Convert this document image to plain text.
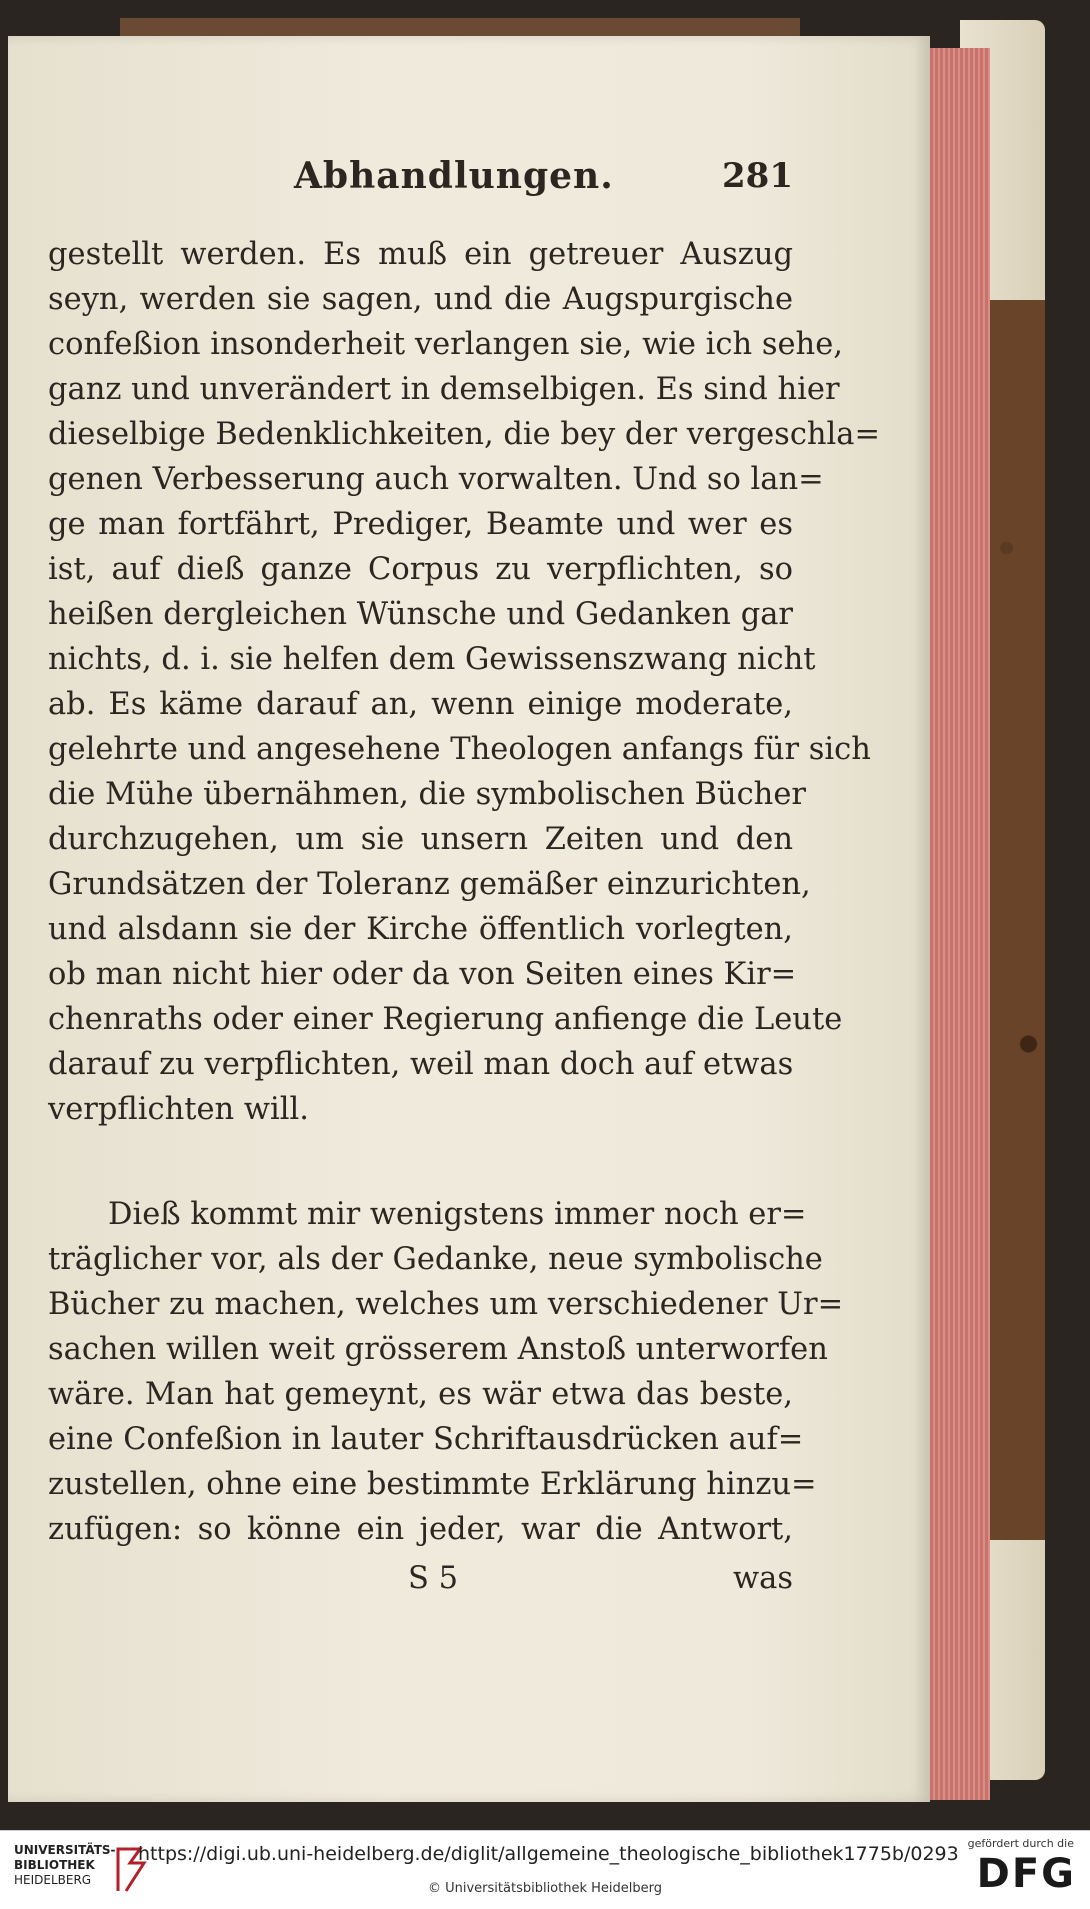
Abhandlungen.	281
gestellt werden. Es muß ein getreuer Auszug
seyn, werden sie sagen, und die Augspurgische
confeßion insonderheit verlangen sie, wie ich sehe,
ganz und unverändert in demselbigen. Es sind hier
dieselbige Bedenklichkeiten, die bey der vergeschla=
genen Verbesserung auch vorwalten. Und so lan=
ge man fortfährt, Prediger, Beamte und wer es
ist, auf dieß ganze Corpus zu verpflichten, so
heißen dergleichen Wünsche und Gedanken gar
nichts, d. i. sie helfen dem Gewissenszwang nicht
ab. Es käme darauf an, wenn einige moderate,
gelehrte und angesehene Theologen anfangs für sich
die Mühe übernähmen, die symbolischen Bücher
durchzugehen, um sie unsern Zeiten und den
Grundsätzen der Toleranz gemäßer einzurichten,
und alsdann sie der Kirche öffentlich vorlegten,
ob man nicht hier oder da von Seiten eines Kir=
chenraths oder einer Regierung anfienge die Leute
darauf zu verpflichten, weil man doch auf etwas
verpflichten will.
Dieß kommt mir wenigstens immer noch er=
träglicher vor, als der Gedanke, neue symbolische
Bücher zu machen, welches um verschiedener Ur=
sachen willen weit grösserem Anstoß unterworfen
wäre. Man hat gemeynt, es wär etwa das beste,
eine Confeßion in lauter Schriftausdrücken auf=
zustellen, ohne eine bestimmte Erklärung hinzu=
zufügen: so könne ein jeder, war die Antwort,
S 5	was
UNIVERSITÄTS-
BIBLIOTHEK
HEIDELBERG
https://digi.ub.uni-heidelberg.de/diglit/allgemeine_theologische_bibliothek1775b/0293
© Universitätsbibliothek Heidelberg
gefördert durch die
DFG
